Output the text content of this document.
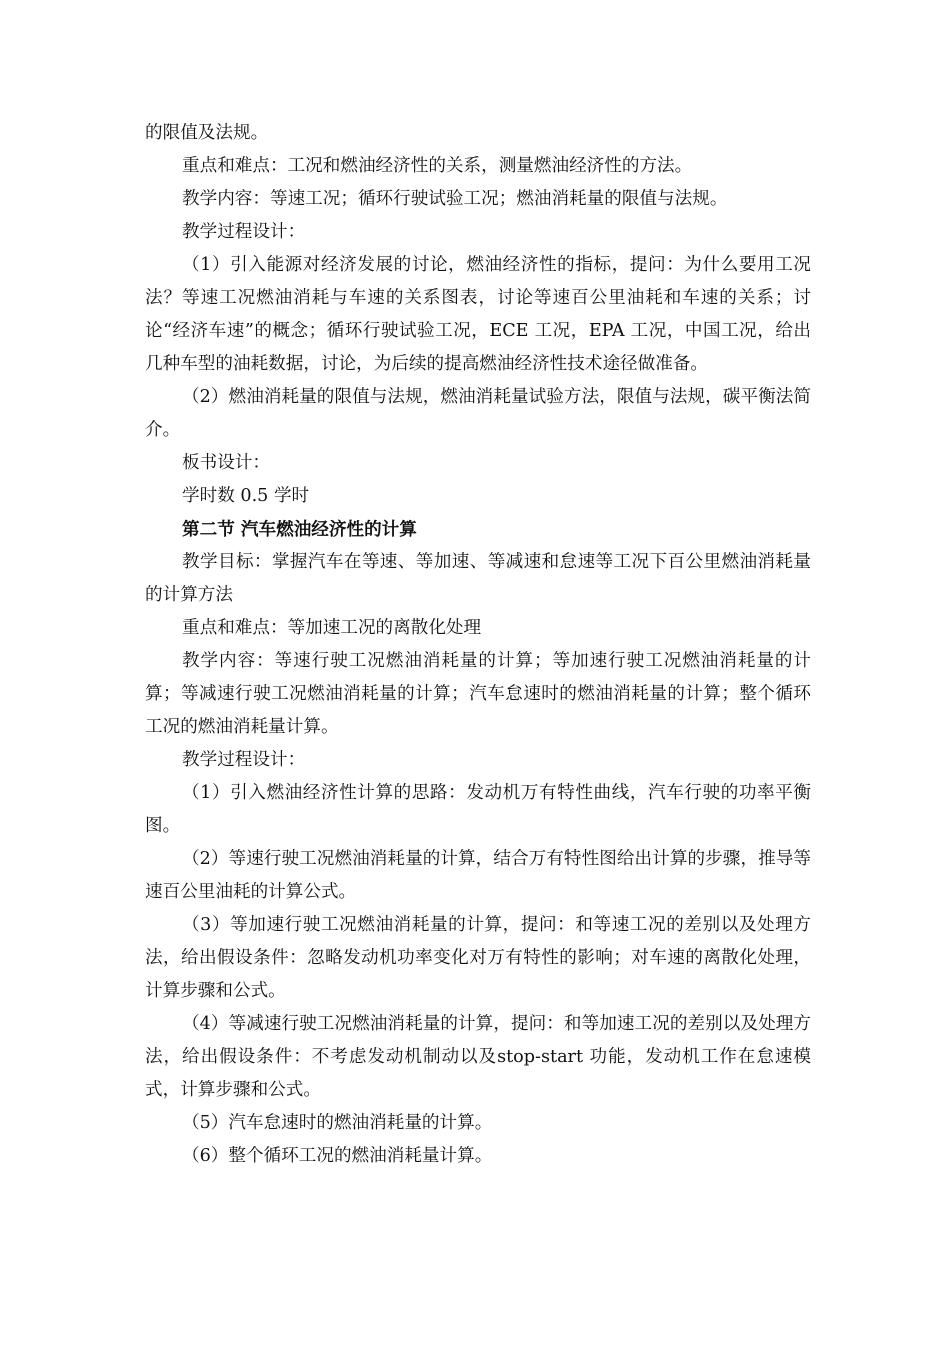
的限值及法规。

重点和难点：工况和燃油经济性的关系，测量燃油经济性的方法。

教学内容：等速工况；循环行驶试验工况；燃油消耗量的限值与法规。

教学过程设计：

（1）引入能源对经济发展的讨论，燃油经济性的指标，提问：为什么要用工况法？等速工况燃油消耗与车速的关系图表，讨论等速百公里油耗和车速的关系；讨论“经济车速”的概念；循环行驶试验工况，ECE 工况，EPA 工况，中国工况，给出几种车型的油耗数据，讨论，为后续的提高燃油经济性技术途径做准备。

（2）燃油消耗量的限值与法规，燃油消耗量试验方法，限值与法规，碳平衡法简介。

板书设计：

学时数 0.5 学时

第二节 汽车燃油经济性的计算

教学目标：掌握汽车在等速、等加速、等减速和怠速等工况下百公里燃油消耗量的计算方法

重点和难点：等加速工况的离散化处理

教学内容：等速行驶工况燃油消耗量的计算；等加速行驶工况燃油消耗量的计算；等减速行驶工况燃油消耗量的计算；汽车怠速时的燃油消耗量的计算；整个循环工况的燃油消耗量计算。

教学过程设计：

（1）引入燃油经济性计算的思路：发动机万有特性曲线，汽车行驶的功率平衡图。

（2）等速行驶工况燃油消耗量的计算，结合万有特性图给出计算的步骤，推导等速百公里油耗的计算公式。

（3）等加速行驶工况燃油消耗量的计算，提问：和等速工况的差别以及处理方法，给出假设条件：忽略发动机功率变化对万有特性的影响；对车速的离散化处理，计算步骤和公式。

（4）等减速行驶工况燃油消耗量的计算，提问：和等加速工况的差别以及处理方法，给出假设条件：不考虑发动机制动以及stop-start 功能，发动机工作在怠速模式，计算步骤和公式。

（5）汽车怠速时的燃油消耗量的计算。

（6）整个循环工况的燃油消耗量计算。
